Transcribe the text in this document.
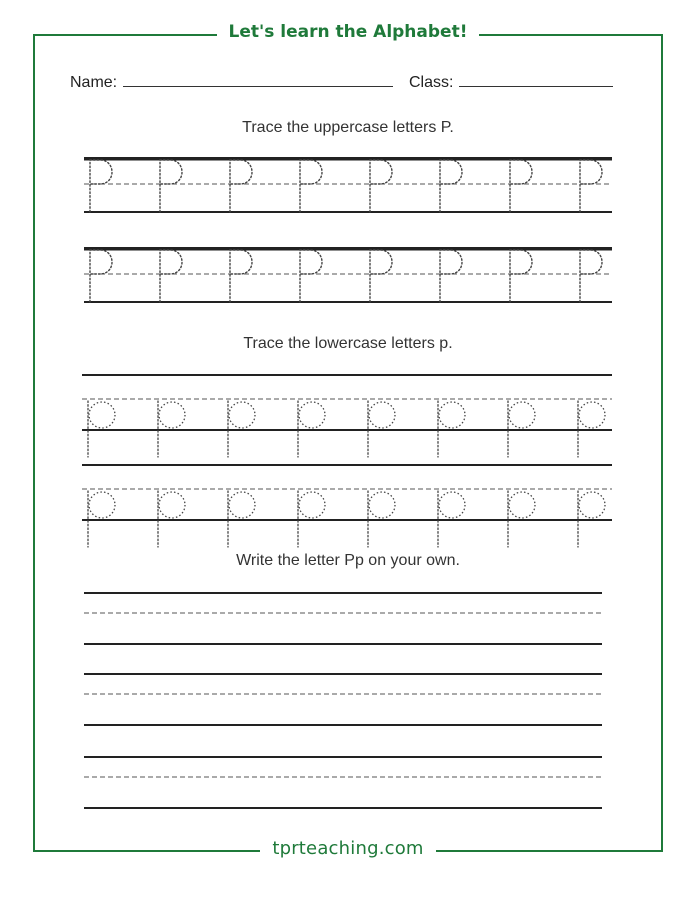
Let's learn the Alphabet!
Name:	Class:
Trace the uppercase letters P.
Trace the lowercase letters p.
Write the letter Pp on your own.
tprteaching.com
